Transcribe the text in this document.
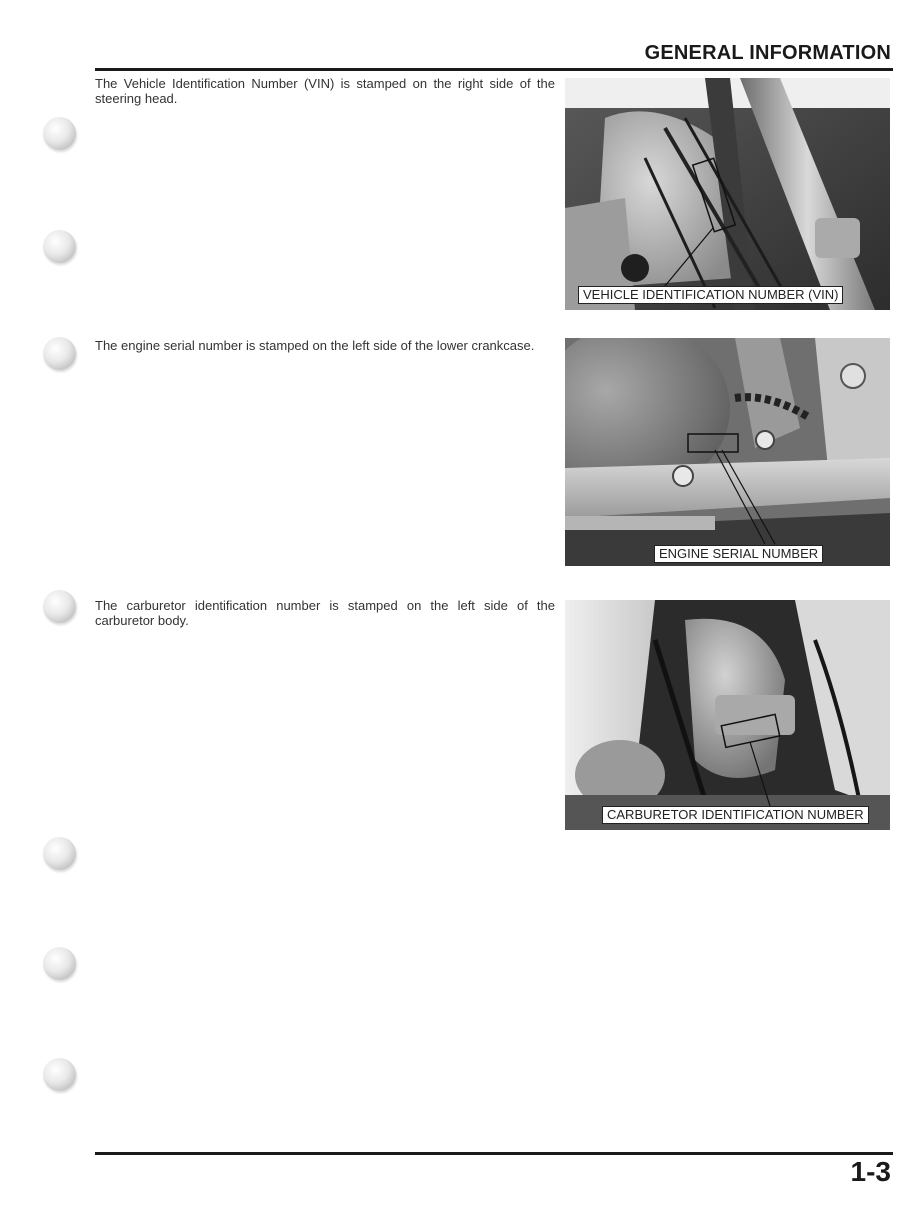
GENERAL INFORMATION

The Vehicle Identification Number (VIN) is stamped on the right side of the steering head.

VEHICLE IDENTIFICATION NUMBER (VIN)

The engine serial number is stamped on the left side of the lower crankcase.

ENGINE SERIAL NUMBER

The carburetor identification number is stamped on the left side of the carburetor body.

CARBURETOR IDENTIFICATION NUMBER
1-3
